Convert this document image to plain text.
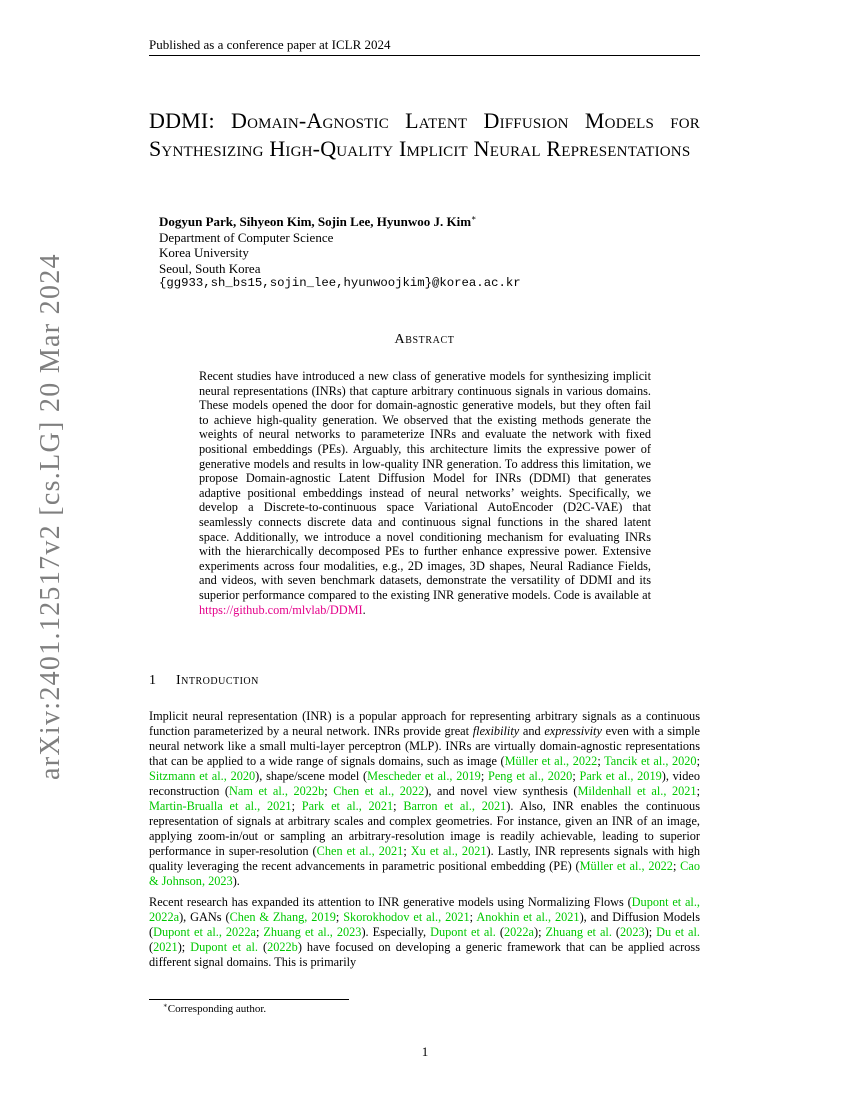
Published as a conference paper at ICLR 2024
arXiv:2401.12517v2 [cs.LG] 20 Mar 2024
DDMI: Domain-Agnostic Latent Diffusion Models for Synthesizing High-Quality Implicit Neural Representations
Dogyun Park, Sihyeon Kim, Sojin Lee, Hyunwoo J. Kim∗
Department of Computer Science
Korea University
Seoul, South Korea
{gg933,sh_bs15,sojin_lee,hyunwoojkim}@korea.ac.kr
Abstract

Recent studies have introduced a new class of generative models for synthesizing implicit neural representations (INRs) that capture arbitrary continuous signals in various domains. These models opened the door for domain-agnostic generative models, but they often fail to achieve high-quality generation. We observed that the existing methods generate the weights of neural networks to parameterize INRs and evaluate the network with fixed positional embeddings (PEs). Arguably, this architecture limits the expressive power of generative models and results in low-quality INR generation. To address this limitation, we propose Domain-agnostic Latent Diffusion Model for INRs (DDMI) that generates adaptive positional embeddings instead of neural networks’ weights. Specifically, we develop a Discrete-to-continuous space Variational AutoEncoder (D2C-VAE) that seamlessly connects discrete data and continuous signal functions in the shared latent space. Additionally, we introduce a novel conditioning mechanism for evaluating INRs with the hierarchically decomposed PEs to further enhance expressive power. Extensive experiments across four modalities, e.g., 2D images, 3D shapes, Neural Radiance Fields, and videos, with seven benchmark datasets, demonstrate the versatility of DDMI and its superior performance compared to the existing INR generative models. Code is available at https://github.com/mlvlab/DDMI.

1 Introduction

Implicit neural representation (INR) is a popular approach for representing arbitrary signals as a continuous function parameterized by a neural network. INRs provide great flexibility and expressivity even with a simple neural network like a small multi-layer perceptron (MLP). INRs are virtually domain-agnostic representations that can be applied to a wide range of signals domains, such as image (Müller et al., 2022; Tancik et al., 2020; Sitzmann et al., 2020), shape/scene model (Mescheder et al., 2019; Peng et al., 2020; Park et al., 2019), video reconstruction (Nam et al., 2022b; Chen et al., 2022), and novel view synthesis (Mildenhall et al., 2021; Martin-Brualla et al., 2021; Park et al., 2021; Barron et al., 2021). Also, INR enables the continuous representation of signals at arbitrary scales and complex geometries. For instance, given an INR of an image, applying zoom-in/out or sampling an arbitrary-resolution image is readily achievable, leading to superior performance in super-resolution (Chen et al., 2021; Xu et al., 2021). Lastly, INR represents signals with high quality leveraging the recent advancements in parametric positional embedding (PE) (Müller et al., 2022; Cao & Johnson, 2023).

Recent research has expanded its attention to INR generative models using Normalizing Flows (Dupont et al., 2022a), GANs (Chen & Zhang, 2019; Skorokhodov et al., 2021; Anokhin et al., 2021), and Diffusion Models (Dupont et al., 2022a; Zhuang et al., 2023). Especially, Dupont et al. (2022a); Zhuang et al. (2023); Du et al. (2021); Dupont et al. (2022b) have focused on developing a generic framework that can be applied across different signal domains. This is primarily

∗Corresponding author.
1
